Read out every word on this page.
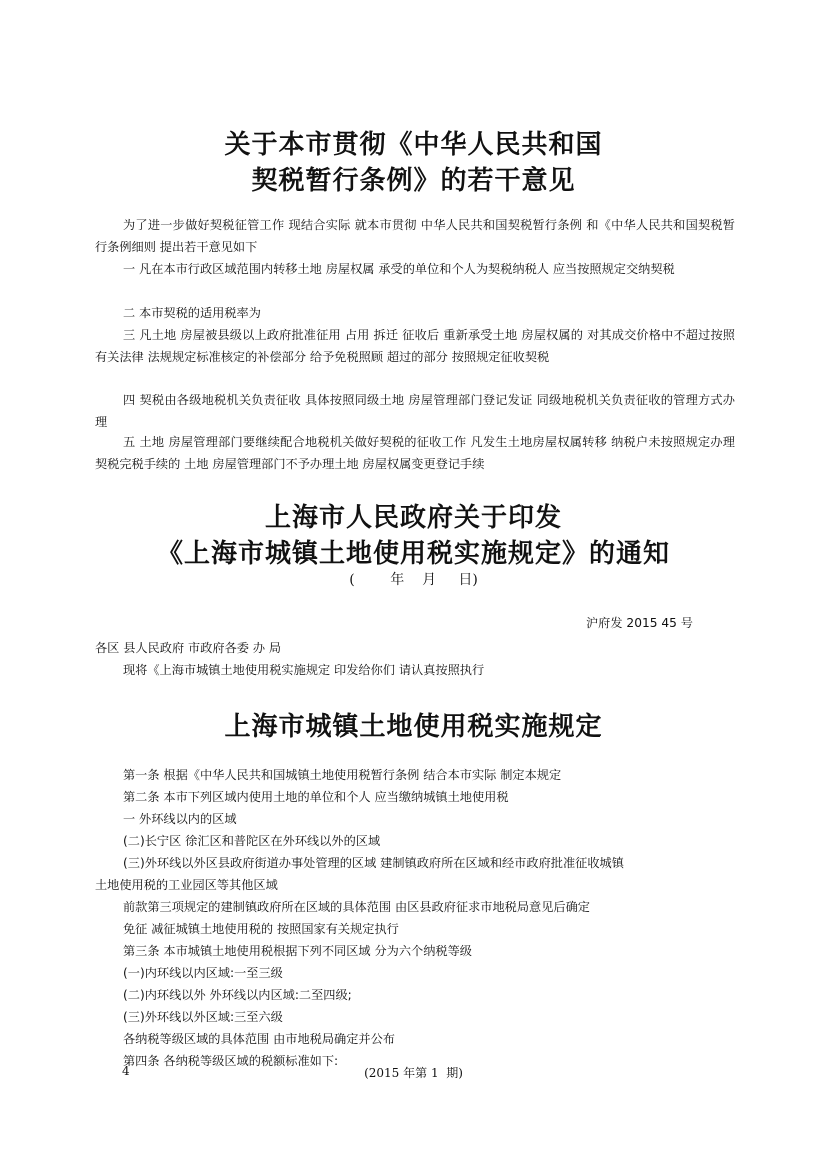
关于本市贯彻《中华人民共和国
契税暂行条例》的若干意见

为了进一步做好契税征管工作 现结合实际 就本市贯彻 中华人民共和国契税暂行条例 和《中华人民共和国契税暂行条例细则 提出若干意见如下

一 凡在本市行政区域范围内转移土地 房屋权属 承受的单位和个人为契税纳税人 应当按照规定交纳契税

二 本市契税的适用税率为

三 凡土地 房屋被县级以上政府批准征用 占用 拆迁 征收后 重新承受土地 房屋权属的 对其成交价格中不超过按照有关法律 法规规定标准核定的补偿部分 给予免税照顾 超过的部分 按照规定征收契税

四 契税由各级地税机关负责征收 具体按照同级土地 房屋管理部门登记发证 同级地税机关负责征收的管理方式办理

五 土地 房屋管理部门要继续配合地税机关做好契税的征收工作 凡发生土地房屋权属转移 纳税户未按照规定办理契税完税手续的 土地 房屋管理部门不予办理土地 房屋权属变更登记手续

上海市人民政府关于印发
《上海市城镇土地使用税实施规定》的通知
(        年    月     日)

沪府发 2015 45 号

各区 县人民政府 市政府各委 办 局

现将《上海市城镇土地使用税实施规定 印发给你们 请认真按照执行

上海市城镇土地使用税实施规定

第一条 根据《中华人民共和国城镇土地使用税暂行条例 结合本市实际 制定本规定

第二条 本市下列区域内使用土地的单位和个人 应当缴纳城镇土地使用税

一 外环线以内的区域

(二)长宁区 徐汇区和普陀区在外环线以外的区域

(三)外环线以外区县政府街道办事处管理的区域 建制镇政府所在区域和经市政府批准征收城镇

土地使用税的工业园区等其他区域

前款第三项规定的建制镇政府所在区域的具体范围 由区县政府征求市地税局意见后确定

免征 减征城镇土地使用税的 按照国家有关规定执行

第三条 本市城镇土地使用税根据下列不同区域 分为六个纳税等级

(一)内环线以内区域:一至三级

(二)内环线以外 外环线以内区域:二至四级;

(三)外环线以外区域:三至六级

各纳税等级区域的具体范围 由市地税局确定并公布

第四条 各纳税等级区域的税额标准如下:

4	(2015 年第 1  期)
